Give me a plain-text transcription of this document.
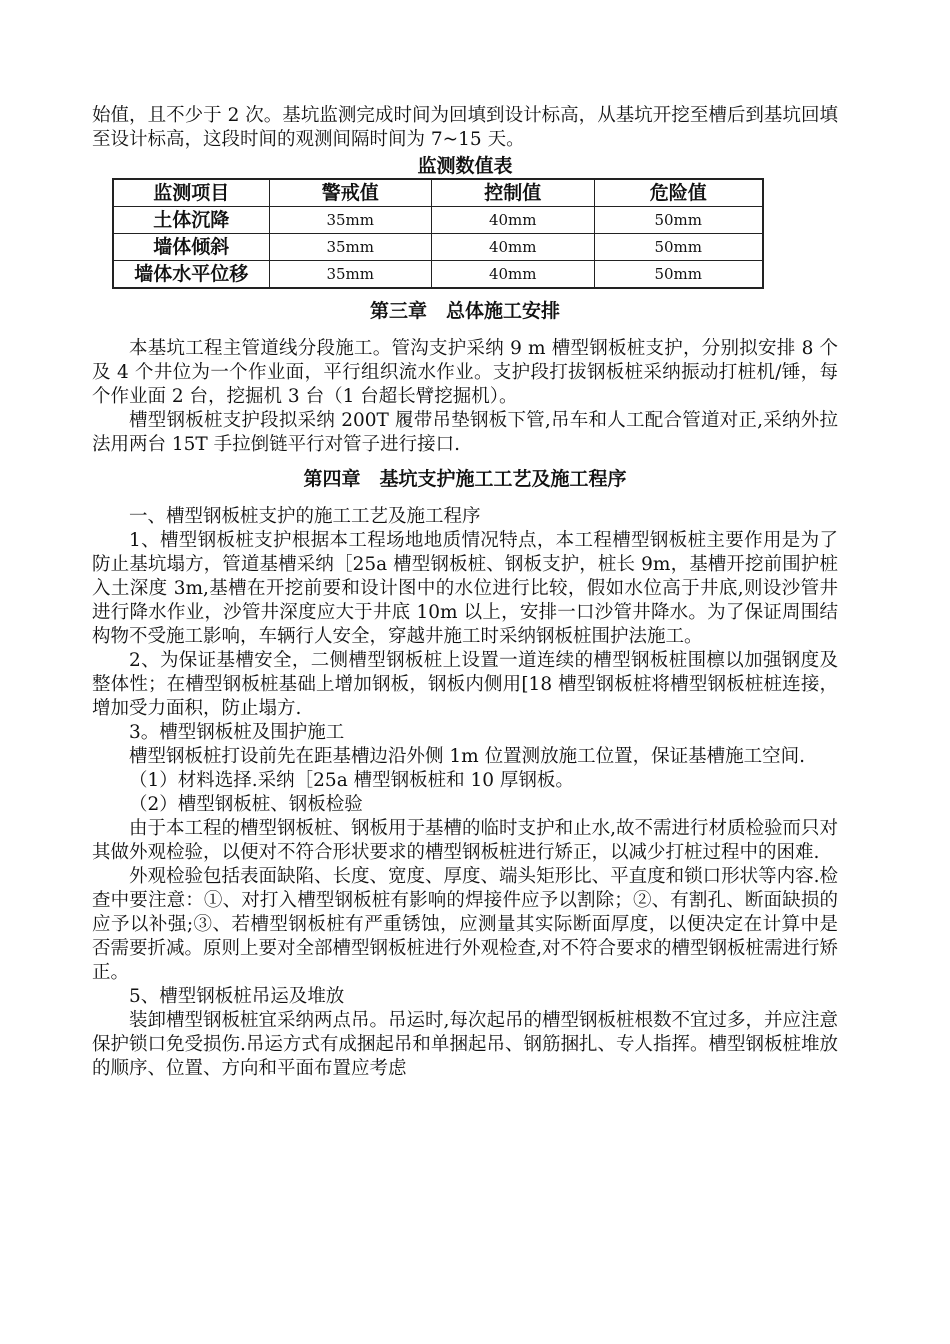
始值，且不少于 2 次。基坑监测完成时间为回填到设计标高，从基坑开挖至槽后到基坑回填至设计标高，这段时间的观测间隔时间为 7~15 天。

监测数值表

监测项目	警戒值	控制值	危险值
土体沉降	35mm	40mm	50mm
墙体倾斜	35mm	40mm	50mm
墙体水平位移	35mm	40mm	50mm

第三章　总体施工安排

本基坑工程主管道线分段施工。管沟支护采纳 9 m 槽型钢板桩支护，分别拟安排 8 个及 4 个井位为一个作业面，平行组织流水作业。支护段打拔钢板桩采纳振动打桩机/锤，每个作业面 2 台，挖掘机 3 台（1 台超长臂挖掘机）。

槽型钢板桩支护段拟采纳 200T 履带吊垫钢板下管,吊车和人工配合管道对正,采纳外拉法用两台 15T 手拉倒链平行对管子进行接口.

第四章　基坑支护施工工艺及施工程序

一、槽型钢板桩支护的施工工艺及施工程序

1、槽型钢板桩支护根据本工程场地地质情况特点，本工程槽型钢板桩主要作用是为了防止基坑塌方，管道基槽采纳［25a 槽型钢板桩、钢板支护，桩长 9m，基槽开挖前围护桩入土深度 3m,基槽在开挖前要和设计图中的水位进行比较，假如水位高于井底,则设沙管井进行降水作业，沙管井深度应大于井底 10m 以上，安排一口沙管井降水。为了保证周围结构物不受施工影响，车辆行人安全，穿越井施工时采纳钢板桩围护法施工。

2、为保证基槽安全，二侧槽型钢板桩上设置一道连续的槽型钢板桩围檩以加强钢度及整体性；在槽型钢板桩基础上增加钢板，钢板内侧用[18 槽型钢板桩将槽型钢板桩桩连接，增加受力面积，防止塌方.

3。槽型钢板桩及围护施工

槽型钢板桩打设前先在距基槽边沿外侧 1m 位置测放施工位置，保证基槽施工空间.

（1）材料选择.采纳［25a 槽型钢板桩和 10 厚钢板。

（2）槽型钢板桩、钢板检验

由于本工程的槽型钢板桩、钢板用于基槽的临时支护和止水,故不需进行材质检验而只对其做外观检验，以便对不符合形状要求的槽型钢板桩进行矫正，以减少打桩过程中的困难.

外观检验包括表面缺陷、长度、宽度、厚度、端头矩形比、平直度和锁口形状等内容.检查中要注意：①、对打入槽型钢板桩有影响的焊接件应予以割除；②、有割孔、断面缺损的应予以补强;③、若槽型钢板桩有严重锈蚀，应测量其实际断面厚度，以便决定在计算中是否需要折减。原则上要对全部槽型钢板桩进行外观检查,对不符合要求的槽型钢板桩需进行矫正。

5、槽型钢板桩吊运及堆放

装卸槽型钢板桩宜采纳两点吊。吊运时,每次起吊的槽型钢板桩根数不宜过多，并应注意保护锁口免受损伤.吊运方式有成捆起吊和单捆起吊、钢筋捆扎、专人指挥。槽型钢板桩堆放的顺序、位置、方向和平面布置应考虑
